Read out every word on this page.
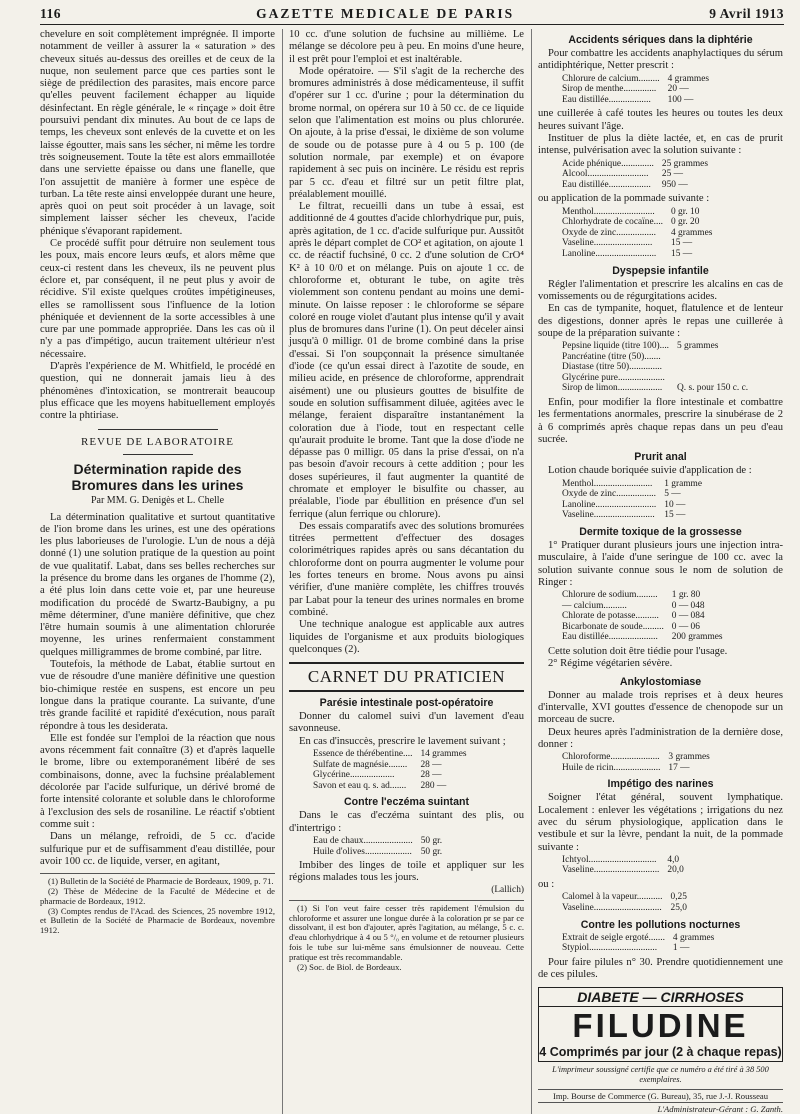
116	GAZETTE MEDICALE DE PARIS	9 Avril 1913

chevelure en soit complètement imprégnée. Il importe notamment de veiller à assurer la « saturation » des cheveux situés au-dessus des oreilles et de ceux de la nuque, non seulement parce que ces parties sont le siège de prédilection des parasites, mais encore parce qu'elles peuvent facilement échapper au liquide désinfectant. En règle générale, le « rinçage » doit être poursuivi pendant dix minutes. Au bout de ce laps de temps, les cheveux sont enlevés de la cuvette et on les laisse égoutter, mais sans les sécher, ni même les tordre très soigneusement. Toute la tête est alors emmaillotée dans une serviette épaisse ou dans une flanelle, que l'on assujettit de manière à former une espèce de turban. La tête reste ainsi enveloppée durant une heure, après quoi on peut soit procéder à un lavage, soit simplement laisser sécher les cheveux, l'acide phénique s'évaporant rapidement.

Ce procédé suffit pour détruire non seulement tous les poux, mais encore leurs œufs, et alors même que ceux-ci restent dans les cheveux, ils ne peuvent plus éclore et, par conséquent, il ne peut plus y avoir de récidive. S'il existe quelques croûtes impétigineuses, elles se ramollissent sous l'influence de la lotion phéniquée et deviennent de la sorte accessibles à une cure par une pommade appropriée. Dans les cas où il n'y a pas d'impétigo, aucun traitement ultérieur n'est nécessaire.

D'après l'expérience de M. Whitfield, le procédé en question, qui ne donnerait jamais lieu à des phénomènes d'intoxication, se montrerait beaucoup plus efficace que les moyens habituellement employés contre la phtiriase.

REVUE DE LABORATOIRE
Détermination rapide des Bromures dans les urines
Par MM. G. Denigès et L. Chelle

La détermination qualitative et surtout quantitative de l'ion brome dans les urines, est une des opérations les plus laborieuses de l'urologie. L'un de nous a déjà donné (1) une solution pratique de la question au point de vue qualitatif. Labat, dans ses belles recherches sur la présence du brome dans les organes de l'homme (2), a été plus loin dans cette voie et, par une heureuse modification du procédé de Swartz-Baubigny, a pu même déterminer, d'une manière définitive, que chez l'être humain soumis à une alimentation chlorurée moyenne, les urines renfermaient constamment quelques milligrammes de brome combiné, par litre.

Toutefois, la méthode de Labat, établie surtout en vue de résoudre d'une manière définitive une question bio-chimique restée en suspens, est encore un peu longue dans la pratique courante. La suivante, d'une très grande facilité et rapidité d'exécution, nous paraît répondre à tous les desiderata.

Elle est fondée sur l'emploi de la réaction que nous avons récemment fait connaître (3) et d'après laquelle le brome, libre ou extemporanément libéré de ses combinaisons, donne, avec la fuchsine préalablement décolorée par l'acide sulfurique, un dérivé bromé de forte intensité colorante et soluble dans le chloroforme à l'exclusion des sels de rosaniline. Le réactif s'obtient comme suit :

Dans un mélange, refroidi, de 5 cc. d'acide sulfurique pur et de suffisamment d'eau distillée, pour avoir 100 cc. de liquide, verser, en agitant,

(1) Bulletin de la Société de Pharmacie de Bordeaux, 1909, p. 71.

(2) Thèse de Médecine de la Faculté de Médecine et de pharmacie de Bordeaux, 1912.

(3) Comptes rendus de l'Acad. des Sciences, 25 novembre 1912, et Bulletin de la Société de Pharmacie de Bordeaux, novembre 1912.

10 cc. d'une solution de fuchsine au millième. Le mélange se décolore peu à peu. En moins d'une heure, il est prêt pour l'emploi et est inaltérable.

Mode opératoire. — S'il s'agit de la recherche des bromures administrés à dose médicamenteuse, il suffit d'opérer sur 1 cc. d'urine ; pour la détermination du brome normal, on opérera sur 10 à 50 cc. de ce liquide selon que l'alimentation est moins ou plus chlorurée. On ajoute, à la prise d'essai, le dixième de son volume de soude ou de potasse pure à 4 ou 5 p. 100 (de solution normale, par exemple) et on évapore rapidement à sec puis on incinère. Le résidu est repris par 5 cc. d'eau et filtré sur un petit filtre plat, préalablement mouillé.

Le filtrat, recueilli dans un tube à essai, est additionné de 4 gouttes d'acide chlorhydrique pur, puis, après agitation, de 1 cc. d'acide sulfurique pur. Aussitôt après le départ complet de CO² et agitation, on ajoute 1 cc. de réactif fuchsiné, 0 cc. 2 d'une solution de CrO⁴ K² à 10 0/0 et on mélange. Puis on ajoute 1 cc. de chloroforme et, obturant le tube, on agite très violemment son contenu pendant au moins une demi-minute. On laisse reposer : le chloroforme se sépare coloré en rouge violet d'autant plus intense qu'il y avait plus de bromures dans l'urine (1). On peut déceler ainsi jusqu'à 0 milligr. 01 de brome combiné dans la prise d'essai. Si l'on soupçonnait la présence simultanée d'iode (ce qu'un essai direct à l'azotite de soude, en milieu acide, en présence de chloroforme, apprendrait aisément) une ou plusieurs gouttes de bisulfite de soude en solution suffisamment diluée, agitées avec le mélange, feraient disparaître instantanément la coloration due à l'iode, tout en respectant celle qu'aurait produite le brome. Tant que la dose d'iode ne dépasse pas 0 milligr. 05 dans la prise d'essai, on n'a pas besoin d'avoir recours à cette addition ; pour les doses supérieures, il faut augmenter la quantité de chromate et employer le bisulfite ou chasser, au préalable, l'iode par ébullition en présence d'un sel ferrique (alun ferrique ou chlorure).

Des essais comparatifs avec des solutions bromurées titrées permettent d'effectuer des dosages colorimétriques rapides après ou sans décantation du chloroforme dont on pourra augmenter le volume pour les fortes teneurs en brome. Nous avons pu ainsi vérifier, d'une manière complète, les chiffres trouvés par Labat pour la teneur des urines normales en brome combiné.

Une technique analogue est applicable aux autres liquides de l'organisme et aux produits biologiques quelconques (2).

CARNET DU PRATICIEN
Parésie intestinale post-opératoire

Donner du calomel suivi d'un lavement d'eau savonneuse.

En cas d'insuccès, prescrire le lavement suivant ;

Essence de thérébentine....	14 grammes
Sulfate de magnésie........	28 —
Glycérine...................	28 —
Savon et eau q. s. ad.......	280 —
Contre l'eczéma suintant

Dans le cas d'eczéma suintant des plis, ou d'intertrigo :

Eau de chaux.....................	50 gr.
Huile d'olives....................	50 gr.

Imbiber des linges de toile et appliquer sur les régions malades tous les jours.

(Lallich)

(1) Si l'on veut faire cesser très rapidement l'émulsion du chloroforme et assurer une longue durée à la coloration pr se par ce dissolvant, il est bon d'ajouter, après l'agitation, au mélange, 5 c. c. d'eau chlorhydrique à 4 ou 5 °/₀ en volume et de retourner plusieurs fois le tube sur lui-même sans émulsionner de nouveau. Cette pratique est très recommandable.

(2) Soc. de Biol. de Bordeaux.

Accidents sériques dans la diphtérie

Pour combattre les accidents anaphylactiques du sérum antidiphtérique, Netter prescrit :

Chlorure de calcium.........	4 grammes
Sirop de menthe..............	20 —
Eau distillée..................	100 —

une cuillerée à café toutes les heures ou toutes les deux heures suivant l'âge.

Instituer de plus la diète lactée, et, en cas de prurit intense, pulvérisation avec la solution suivante :

Acide phénique..............	25 grammes
Alcool..........................	25 —
Eau distillée..................	950 —

ou application de la pommade suivante :

Menthol..........................	0 gr. 10
Chlorhydrate de cocaïne....	0 gr. 20
Oxyde de zinc.................	4 grammes
Vaseline.........................	15 —
Lanoline..........................	15 —
Dyspepsie infantile

Régler l'alimentation et prescrire les alcalins en cas de vomissements ou de régurgitations acides.

En cas de tympanite, hoquet, flatulence et de lenteur des digestions, donner après le repas une cuillerée à soupe de la préparation suivante :

Pepsine liquide (titre 100)....	5 grammes
Pancréatine (titre (50).......	
Diastase (titre 50)..............	
Glycérine pure....................	
Sirop de limon...................	Q. s. pour 150 c. c.

Enfin, pour modifier la flore intestinale et combattre les fermentations anormales, prescrire la sinubérase de 2 à 6 comprimés après chaque repas dans un peu d'eau sucrée.

Prurit anal

Lotion chaude boriquée suivie d'application de :

Menthol.........................	1 gramme
Oxyde de zinc.................	5 —
Lanoline..........................	10 —
Vaseline..........................	15 —
Dermite toxique de la grossesse

1° Pratiquer durant plusieurs jours une injection intra-musculaire, à l'aide d'une seringue de 100 cc. avec la solution suivante connue sous le nom de solution de Ringer :

Chlorure de sodium.........	1 gr. 80
— calcium..........	0 — 048
Chlorate de potasse..........	0 — 084
Bicarbonate de soude.........	0 — 06
Eau distillée.....................	200 grammes

Cette solution doit être tiédie pour l'usage.

2° Régime végétarien sévère.

Ankylostomiase

Donner au malade trois reprises et à deux heures d'intervalle, XVI gouttes d'essence de chenopode sur un morceau de sucre.

Deux heures après l'administration de la dernière dose, donner :

Chloroforme.....................	3 grammes
Huile de ricin....................	17 —
Impétigo des narines

Soigner l'état général, souvent lymphatique. Localement : enlever les végétations ; irrigations du nez avec du sérum physiologique, application dans le vestibule et sur la lèvre, pendant la nuit, de la pommade suivante :

Ichtyol.............................	4,0
Vaseline............................	20,0

ou :

Calomel à la vapeur...........	0,25
Vaseline.............................	25,0
Contre les pollutions nocturnes
Extrait de seigle ergoté.......	4 grammes
Stypiol.............................	1 —

Pour faire pilules n° 30. Prendre quotidiennement une de ces pilules.

DIABETE — CIRRHOSES
FILUDINE
4 Comprimés par jour (2 à chaque repas)
L'imprimeur soussigné certifie que ce numéro a été tiré à 38 500 exemplaires.
Imp. Bourse de Commerce (G. Bureau), 35, rue J.-J. Rousseau
L'Administrateur-Gérant : G. Zanth.
